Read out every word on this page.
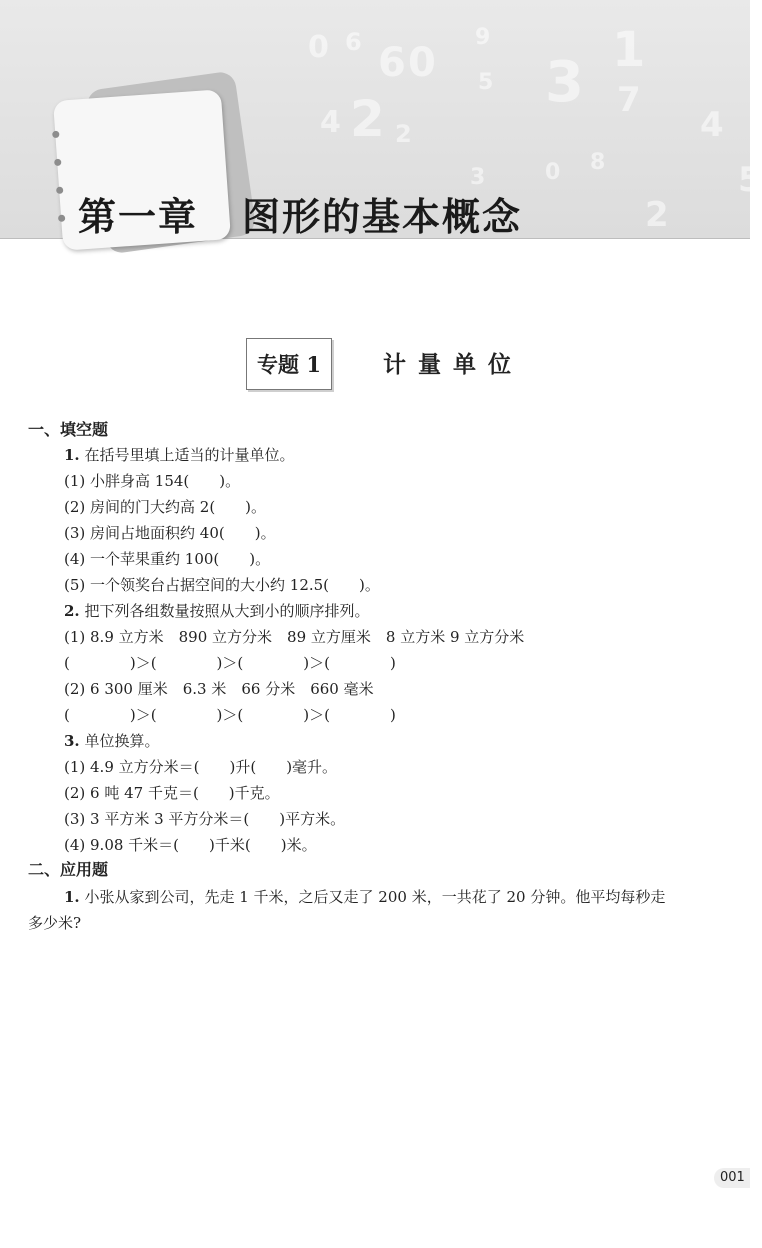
0 6 6 0
2
4 2
3 1
7
4
5
2
8
9
5
3	0
第一章 图形的基本概念
专题 1	计量单位

一、填空题

1. 在括号里填上适当的计量单位。

(1) 小胖身高 154(　　)。

(2) 房间的门大约高 2(　　)。

(3) 房间占地面积约 40(　　)。

(4) 一个苹果重约 100(　　)。

(5) 一个领奖台占据空间的大小约 12.5(　　)。

2. 把下列各组数量按照从大到小的顺序排列。

(1) 8.9 立方米　890 立方分米　89 立方厘米　8 立方米 9 立方分米

(　　　　)＞(　　　　)＞(　　　　)＞(　　　　)

(2) 6 300 厘米　6.3 米　66 分米　660 毫米

(　　　　)＞(　　　　)＞(　　　　)＞(　　　　)

3. 单位换算。

(1) 4.9 立方分米＝(　　)升(　　)毫升。

(2) 6 吨 47 千克＝(　　)千克。

(3) 3 平方米 3 平方分米＝(　　)平方米。

(4) 9.08 千米＝(　　)千米(　　)米。

二、应用题

1. 小张从家到公司，先走 1 千米，之后又走了 200 米，一共花了 20 分钟。他平均每秒走

多少米?

001
